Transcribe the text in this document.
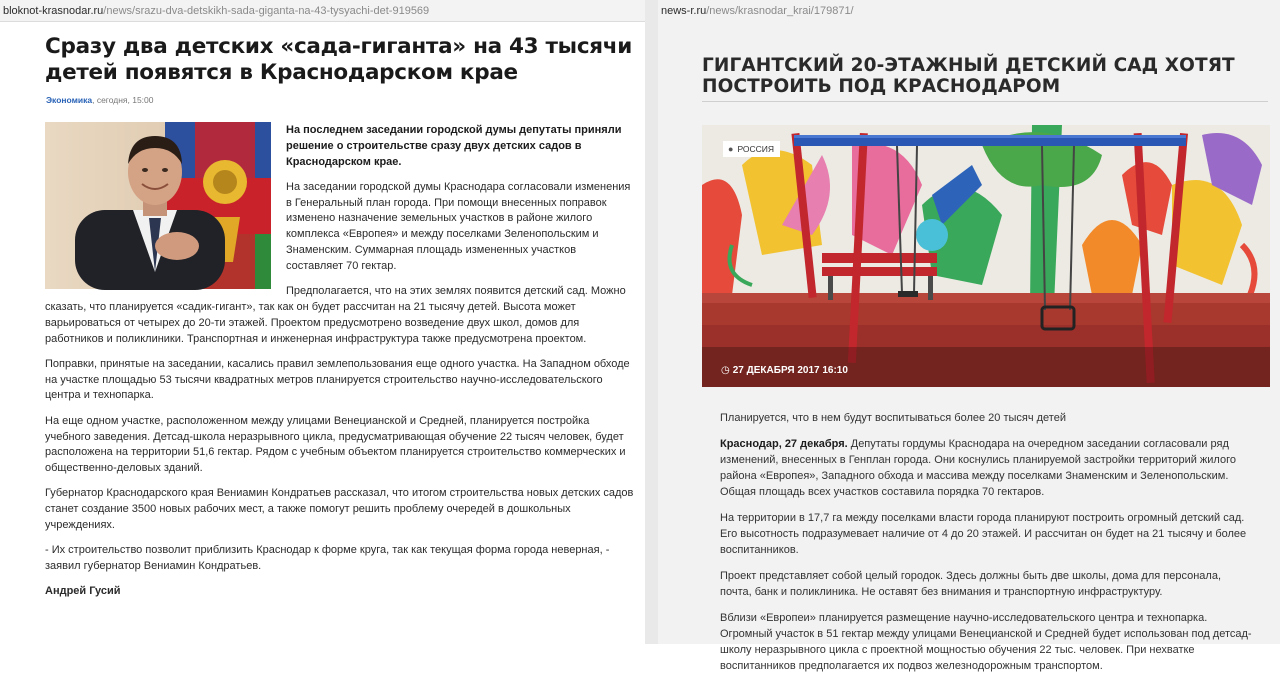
bloknot-krasnodar.ru/news/srazu-dva-detskikh-sada-giganta-na-43-tysyachi-det-919569
Сразу два детских «сада-гиганта» на 43 тысячи детей появятся в Краснодарском крае
Экономика, сегодня, 15:00

На последнем заседании городской думы депутаты приняли решение о строительстве сразу двух детских садов в Краснодарском крае.

На заседании городской думы Краснодара согласовали изменения в Генеральный план города. При помощи внесенных поправок изменено назначение земельных участков в районе жилого комплекса «Европея» и между поселками Зеленопольским и Знаменским. Суммарная площадь измененных участков составляет 70 гектар.

Предполагается, что на этих землях появится детский сад. Можно сказать, что планируется «садик-гигант», так как он будет рассчитан на 21 тысячу детей. Высота может варьироваться от четырех до 20-ти этажей. Проектом предусмотрено возведение двух школ, домов для работников и поликлиники. Транспортная и инженерная инфраструктура также предусмотрена проектом.

Поправки, принятые на заседании, касались правил землепользования еще одного участка. На Западном обходе на участке площадью 53 тысячи квадратных метров планируется строительство научно-исследовательского центра и технопарка.

На еще одном участке, расположенном между улицами Венецианской и Средней, планируется постройка учебного заведения. Детсад-школа неразрывного цикла, предусматривающая обучение 22 тысяч человек, будет расположена на территории 51,6 гектар. Рядом с учебным объектом планируется строительство коммерческих и общественно-деловых зданий.

Губернатор Краснодарского края Вениамин Кондратьев рассказал, что итогом строительства новых детских садов станет создание 3500 новых рабочих мест, а также помогут решить проблему очередей в дошкольных учреждениях.

- Их строительство позволит приблизить Краснодар к форме круга, так как текущая форма города неверная, - заявил губернатор Вениамин Кондратьев.

Андрей Гусий

news-r.ru/news/krasnodar_krai/179871/
ГИГАНТСКИЙ 20-ЭТАЖНЫЙ ДЕТСКИЙ САД ХОТЯТ ПОСТРОИТЬ ПОД КРАСНОДАРОМ
● РОССИЯ
◷ 27 ДЕКАБРЯ 2017 16:10

Планируется, что в нем будут воспитываться более 20 тысяч детей

Краснодар, 27 декабря. Депутаты гордумы Краснодара на очередном заседании согласовали ряд изменений, внесенных в Генплан города. Они коснулись планируемой застройки территорий жилого района «Европея», Западного обхода и массива между поселками Знаменским и Зеленопольским. Общая площадь всех участков составила порядка 70 гектаров.

На территории в 17,7 га между поселками власти города планируют построить огромный детский сад. Его высотность подразумевает наличие от 4 до 20 этажей. И рассчитан он будет на 21 тысячу и более воспитанников.

Проект представляет собой целый городок. Здесь должны быть две школы, дома для персонала, почта, банк и поликлиника. Не оставят без внимания и транспортную инфраструктуру.

Вблизи «Европеи» планируется размещение научно-исследовательского центра и технопарка. Огромный участок в 51 гектар между улицами Венецианской и Средней будет использован под детсад-школу неразрывного цикла с проектной мощностью обучения 22 тыс. человек. При нехватке воспитанников предполагается их подвоз железнодорожным транспортом.
